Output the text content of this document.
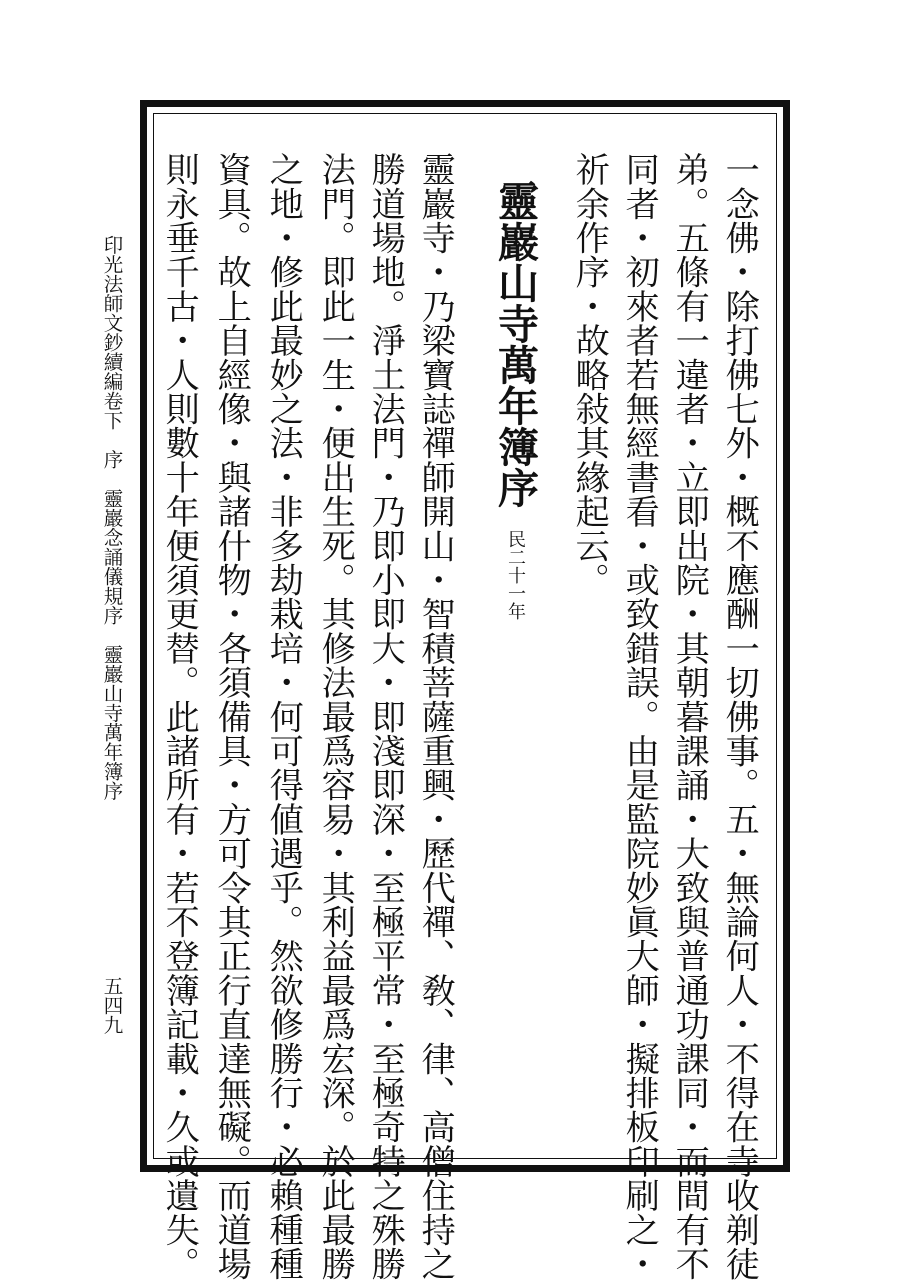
一念佛・除打佛七外・概不應酬一切佛事。五・無論何人・不得在寺收剃徒
弟。五條有一違者・立即出院・其朝暮課誦・大致與普通功課同・而間有不
同者・初來者若無經書看・或致錯誤。由是監院妙眞大師・擬排板印刷之・
祈余作序・故略敍其緣起云。
靈巖山寺萬年簿序
民二十一年
靈巖寺・乃梁寶誌禪師開山・智積菩薩重興・歷代禪、敎、律、高僧住持之
勝道場地。淨土法門・乃即小即大・即淺即深・至極平常・至極奇特之殊勝
法門。即此一生・便出生死。其修法最爲容易・其利益最爲宏深。於此最勝
之地・修此最妙之法・非多劫栽培・何可得値遇乎。然欲修勝行・必賴種種
資具。故上自經像・與諸什物・各須備具・方可令其正行直達無礙。而道場
則永垂千古・人則數十年便須更替。此諸所有・若不登簿記載・久或遺失。
印光法師文鈔續編卷下　序　靈巖念誦儀規序　靈巖山寺萬年簿序
五四九
